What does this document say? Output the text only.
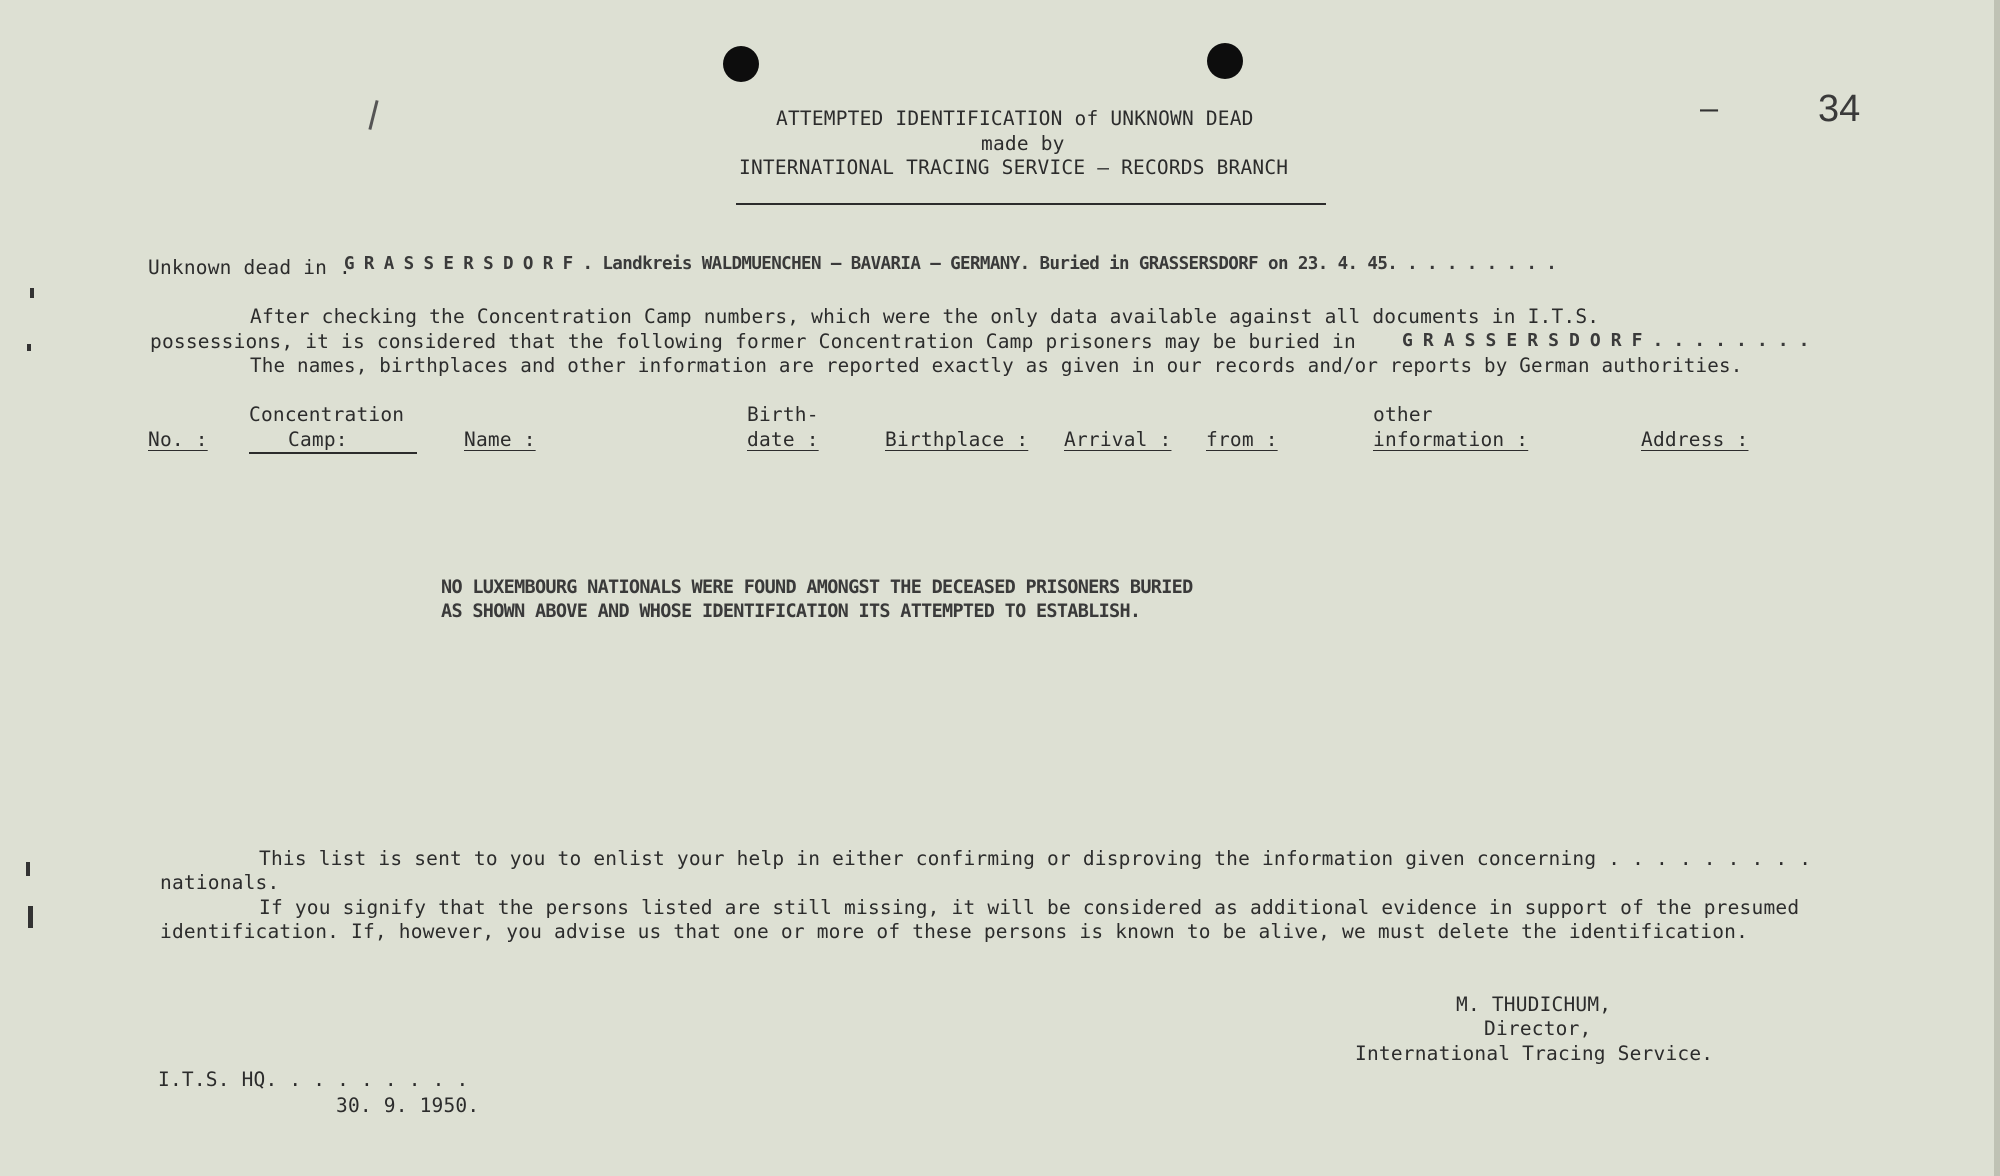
–	34
ATTEMPTED IDENTIFICATION of UNKNOWN DEAD
made by
INTERNATIONAL TRACING SERVICE – RECORDS BRANCH
Unknown dead in .
G R A S S E R S D O R F . Landkreis WALDMUENCHEN – BAVARIA – GERMANY. Buried in GRASSERSDORF on 23. 4. 45. . . . . . . . .
After checking the Concentration Camp numbers, which were the only data available against all documents in I.T.S.
possessions, it is considered that the following former Concentration Camp prisoners may be buried in	G R A S S E R S D O R F . . . . . . . .
The names, birthplaces and other information are reported exactly as given in our records and/or reports by German authorities.
No. :
Concentration
Camp:	Name :
Birth-
date :	Birthplace : Arrival : from :
other
information :	Address :
NO LUXEMBOURG NATIONALS WERE FOUND AMONGST THE DECEASED PRISONERS BURIED
AS SHOWN ABOVE AND WHOSE IDENTIFICATION ITS ATTEMPTED TO ESTABLISH.
This list is sent to you to enlist your help in either confirming or disproving the information given concerning . . . . . . . . .
nationals.
If you signify that the persons listed are still missing, it will be considered as additional evidence in support of the presumed
identification. If, however, you advise us that one or more of these persons is known to be alive, we must delete the identification.
M. THUDICHUM,
Director,
International Tracing Service.
I.T.S. HQ. . . . . . . . .
30. 9. 1950.
